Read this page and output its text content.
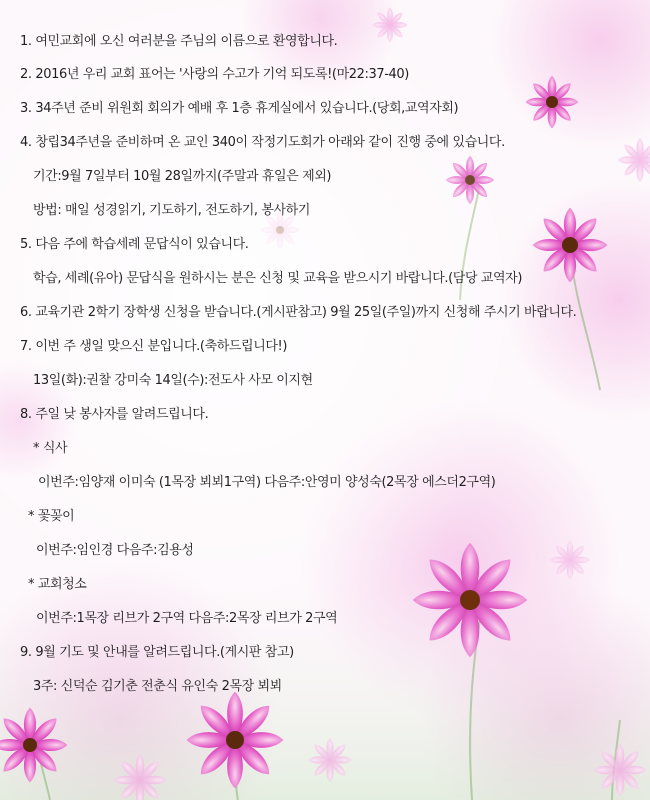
1. 여민교회에 오신 여러분을 주님의 이름으로 환영합니다.
2. 2016년 우리 교회 표어는 '사랑의 수고가 기억 되도록!(마22:37-40)
3. 34주년 준비 위원회 회의가 예배 후 1층 휴게실에서 있습니다.(당회,교역자회)
4. 창립34주년을 준비하며 온 교인 340이 작정기도회가 아래와 같이 진행 중에 있습니다.
기간:9월 7일부터 10월 28일까지(주말과 휴일은 제외)
방법: 매일 성경읽기, 기도하기, 전도하기, 봉사하기
5. 다음 주에 학습세례 문답식이 있습니다.
학습, 세례(유아) 문답식을 원하시는 분은 신청 및 교육을 받으시기 바랍니다.(담당 교역자)
6. 교육기관 2학기 장학생 신청을 받습니다.(게시판참고) 9월 25일(주일)까지 신청해 주시기 바랍니다.
7. 이번 주 생일 맞으신 분입니다.(축하드립니다!)
13일(화):권찰 강미숙 14일(수):전도사 사모 이지현
8. 주일 낮 봉사자를 알려드립니다.
* 식사
이번주:임양재 이미숙 (1목장 뵈뵈1구역) 다음주:안영미 양성숙(2목장 에스더2구역)
* 꽃꽂이
이번주:임인경 다음주:김용성
* 교회청소
이번주:1목장 리브가 2구역 다음주:2목장 리브가 2구역
9. 9월 기도 및 안내를 알려드립니다.(게시판 참고)
3주: 신덕순 김기춘 전춘식 유인숙 2목장 뵈뵈
